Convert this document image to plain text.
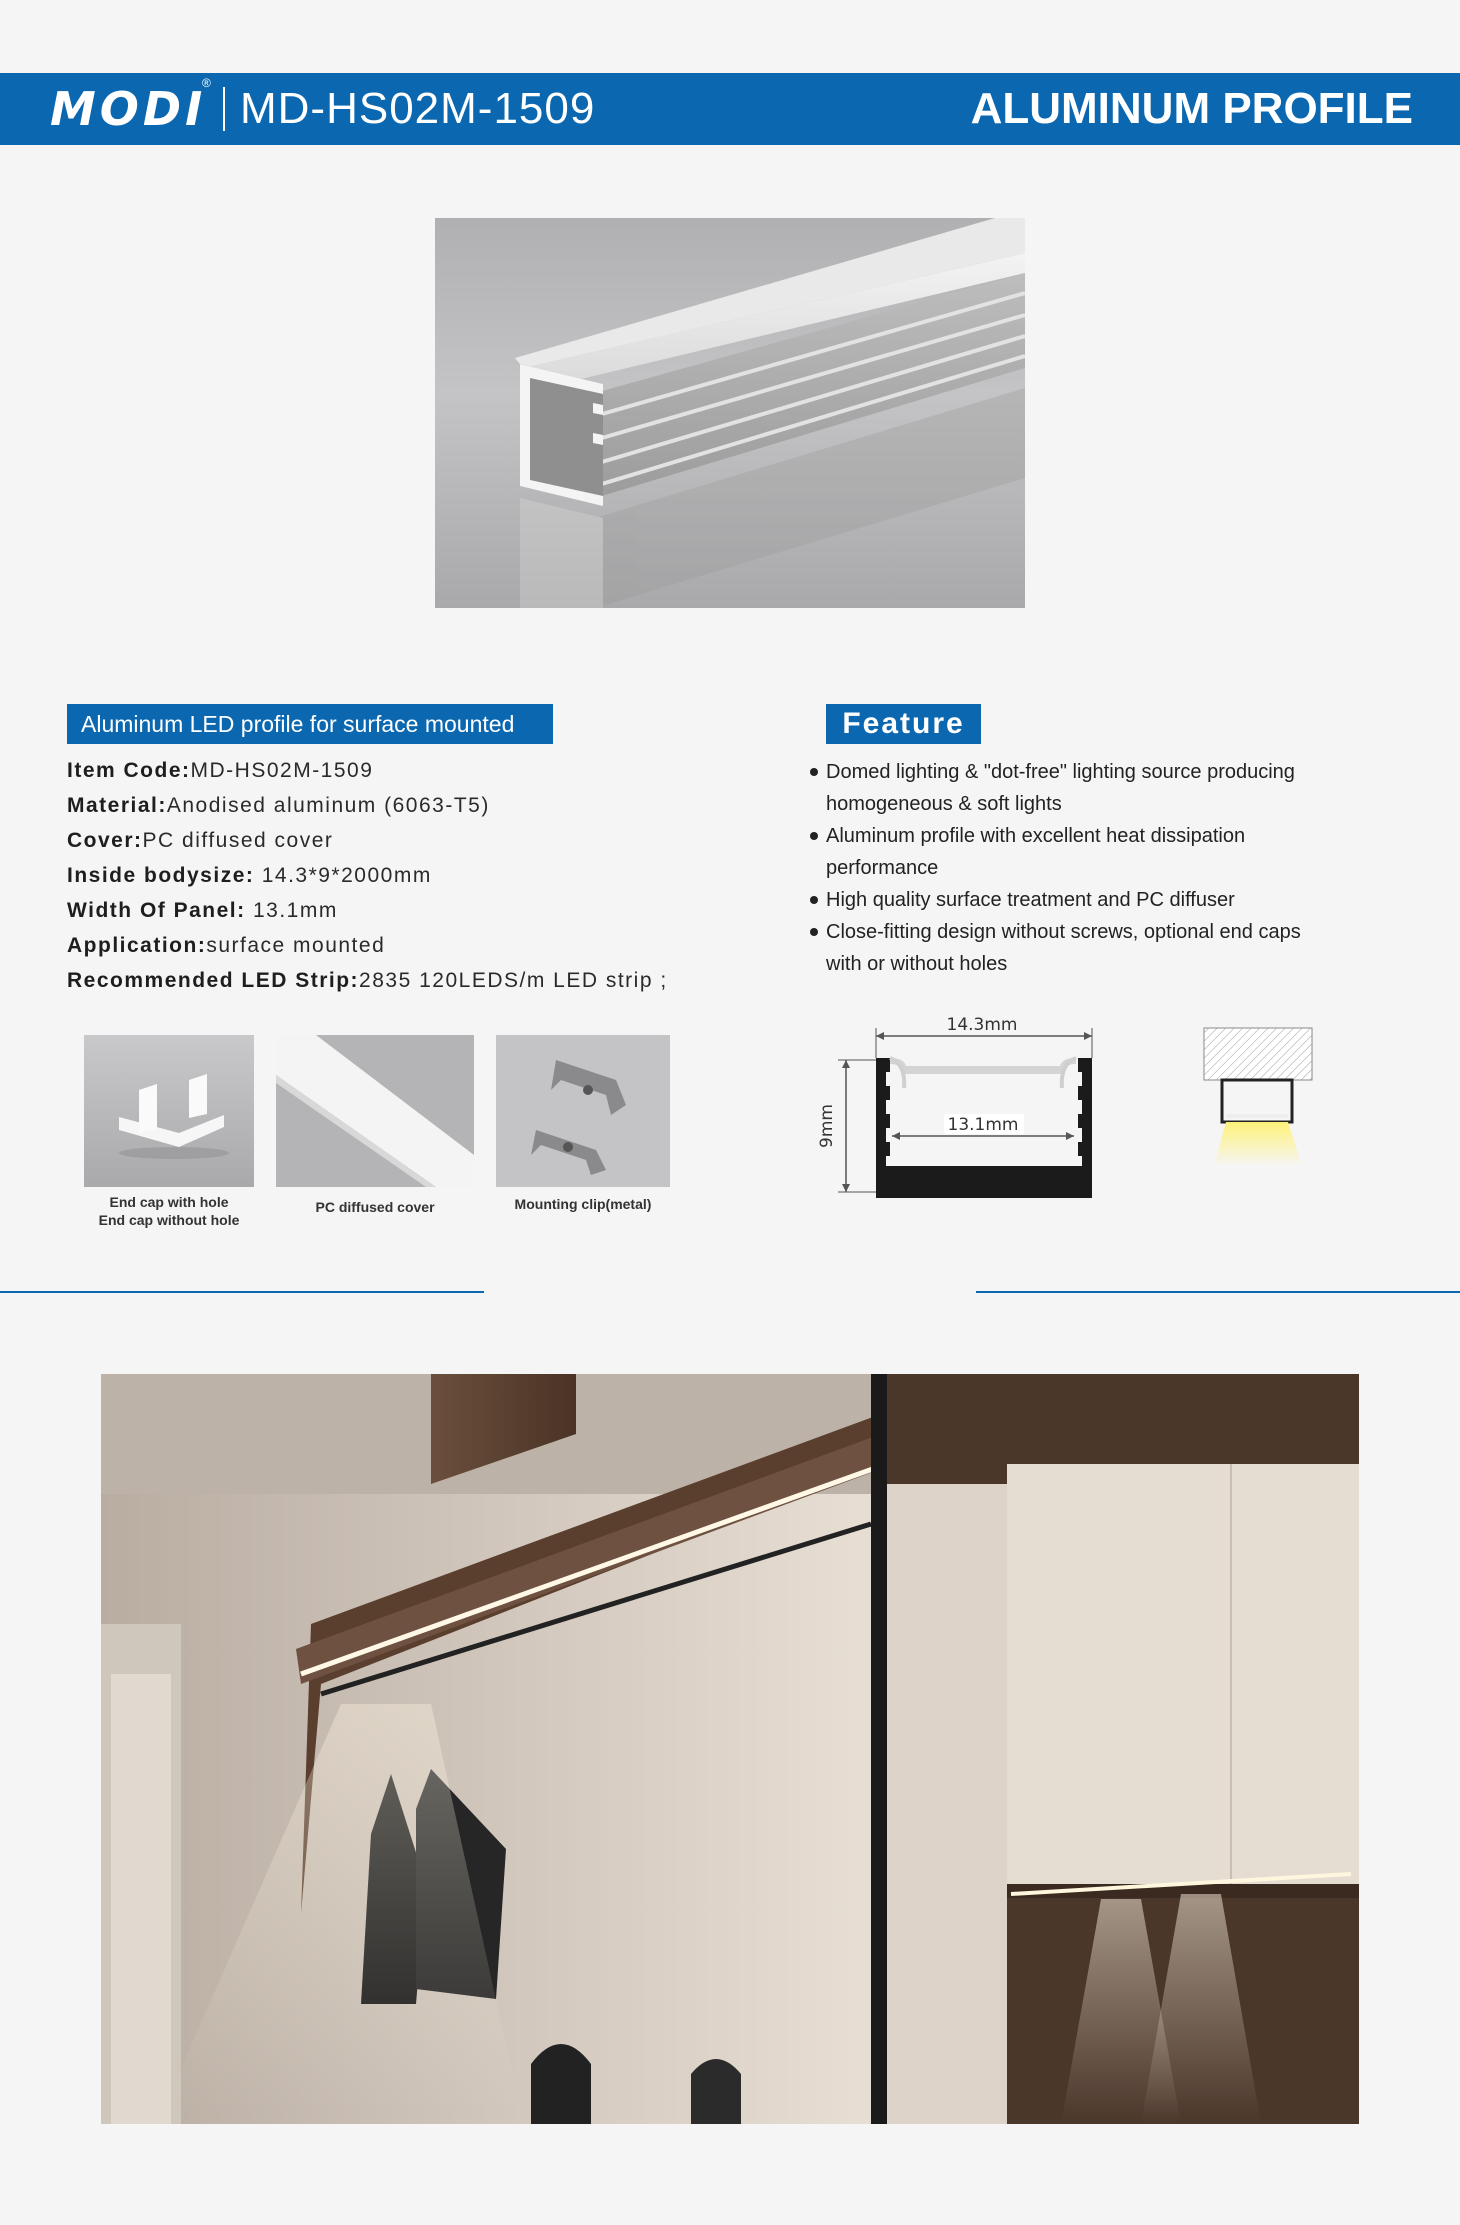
MODI
®
MD-HS02M-1509	ALUMINUM PROFILE
Aluminum LED profile for surface mounted
Item Code:MD-HS02M-1509
Material:Anodised aluminum (6063-T5)
Cover:PC diffused cover
Inside bodysize: 14.3*9*2000mm
Width Of Panel: 13.1mm
Application:surface mounted
Recommended LED Strip:2835 120LEDS/m LED strip ;
End cap with hole
End cap without hole
PC diffused cover	Mounting clip(metal)
Feature
Domed lighting & "dot-free" lighting source producing
homogeneous & soft lights
Aluminum profile with excellent heat dissipation
performance
High quality surface treatment and PC diffuser
Close-fitting design without screws, optional end caps
with or without holes
14.3mm
9mm	13.1mm
